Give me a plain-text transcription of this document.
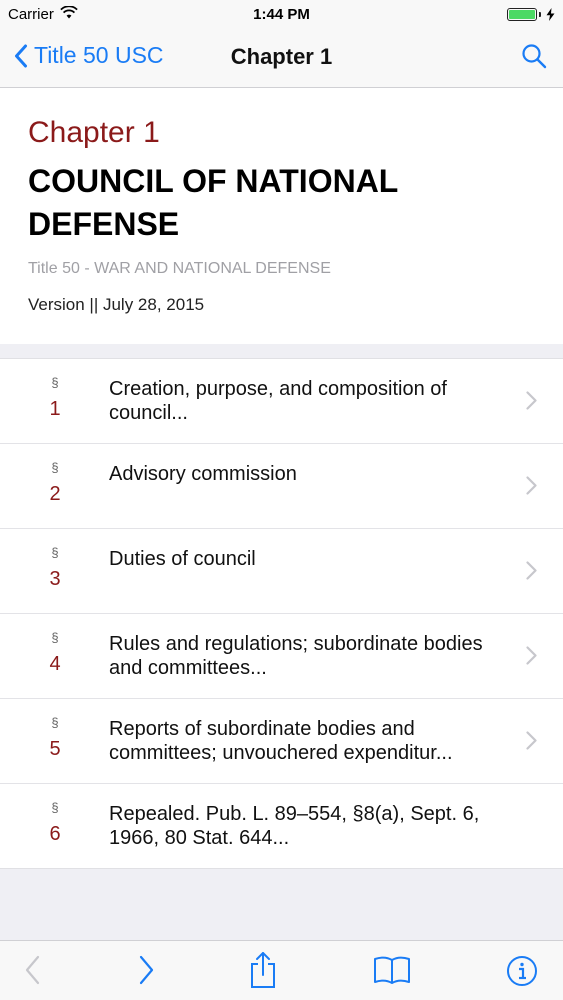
Carrier	1:44 PM
Title 50 USC	Chapter 1
Chapter 1
COUNCIL OF NATIONAL DEFENSE
Title 50 - WAR AND NATIONAL DEFENSE
Version || July 28, 2015
§
1
Creation, purpose, and composition of council...
§
2
Advisory commission
§
3
Duties of council
§
4
Rules and regulations; subordinate bodies and committees...
§
5
Reports of subordinate bodies and committees; unvouchered expenditur...
§
6
Repealed. Pub. L. 89–554, §8(a), Sept. 6, 1966, 80 Stat. 644...
